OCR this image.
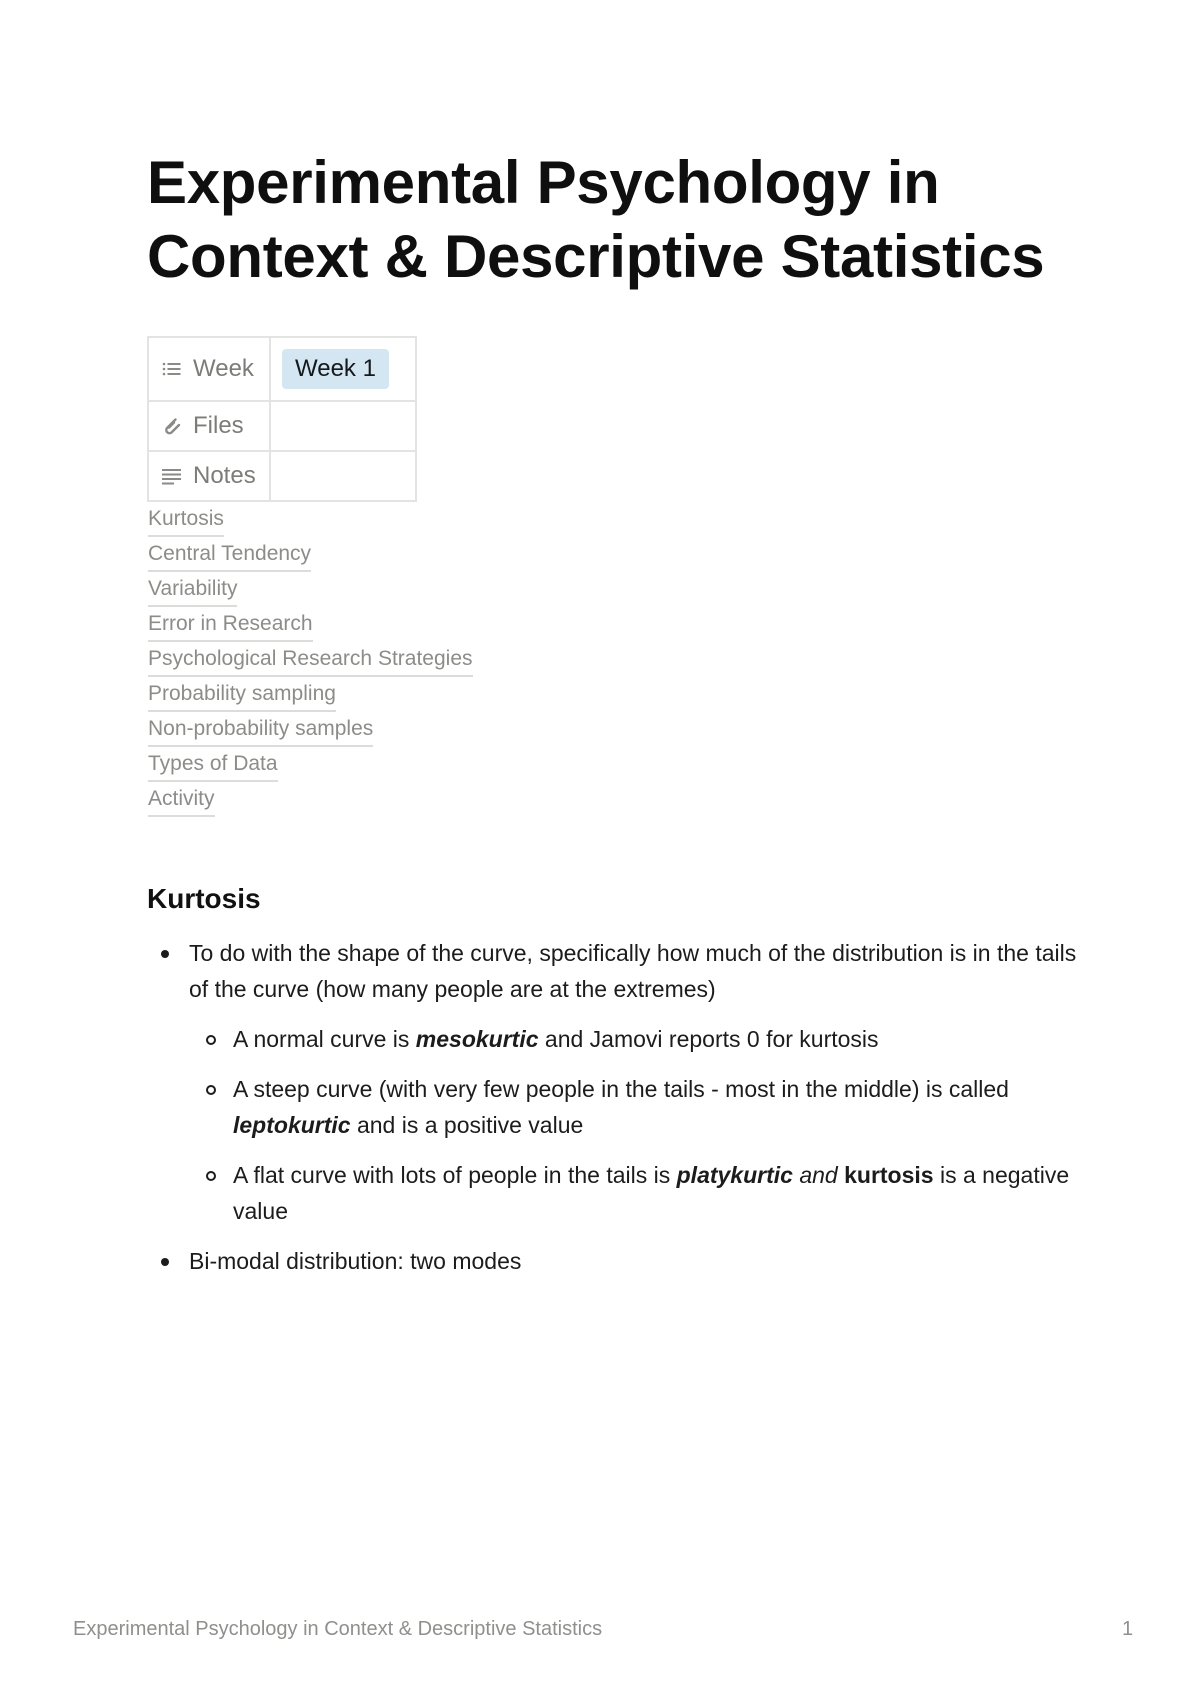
Experimental Psychology in Context & Descriptive Statistics
Week	Week 1

Files	

Notes	

Kurtosis
Central Tendency
Variability
Error in Research
Psychological Research Strategies
Probability sampling
Non-probability samples
Types of Data
Activity
Kurtosis
To do with the shape of the curve, specifically how much of the distribution is in the tails of the curve (how many people are at the extremes)
A normal curve is mesokurtic and Jamovi reports 0 for kurtosis
A steep curve (with very few people in the tails - most in the middle) is called leptokurtic and is a positive value
A flat curve with lots of people in the tails is platykurtic and kurtosis is a negative value
Bi-modal distribution: two modes
Experimental Psychology in Context & Descriptive Statistics	1
